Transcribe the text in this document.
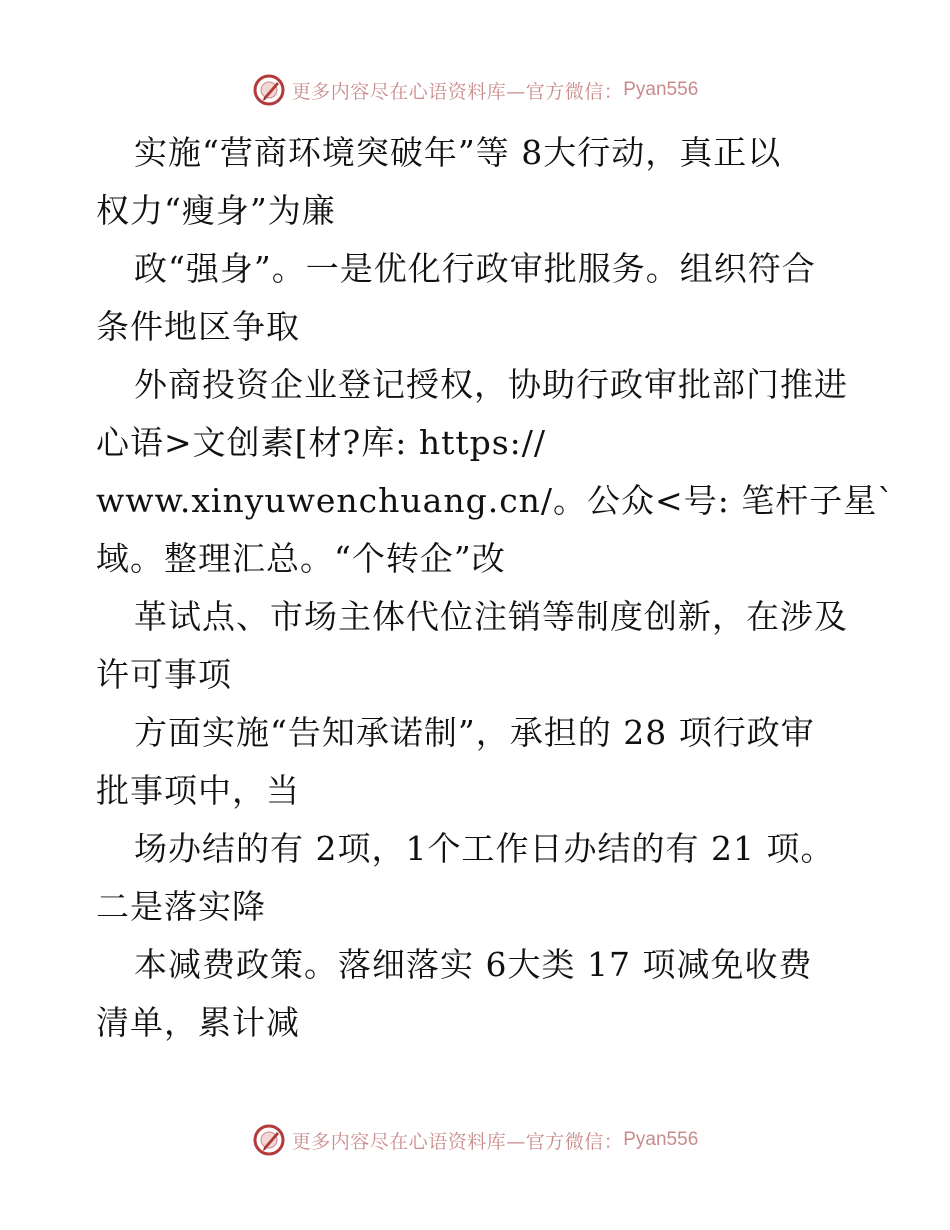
更多内容尽在心语资料库—官方微信： Pyan556
实施“营商环境突破年”等 8大行动，真正以
权力“瘦身”为廉
政“强身”。一是优化行政审批服务。组织符合
条件地区争取
外商投资企业登记授权，协助行政审批部门推进
心语>文创素[材?库: https://
www.xinyuwenchuang.cn/。公众<号: 笔杆子星`
域。整理汇总。“个转企”改
革试点、市场主体代位注销等制度创新，在涉及
许可事项
方面实施“告知承诺制”，承担的 28 项行政审
批事项中，当
场办结的有 2项，1个工作日办结的有 21 项。
二是落实降
本减费政策。落细落实 6大类 17 项减免收费
清单，累计减
更多内容尽在心语资料库—官方微信： Pyan556
